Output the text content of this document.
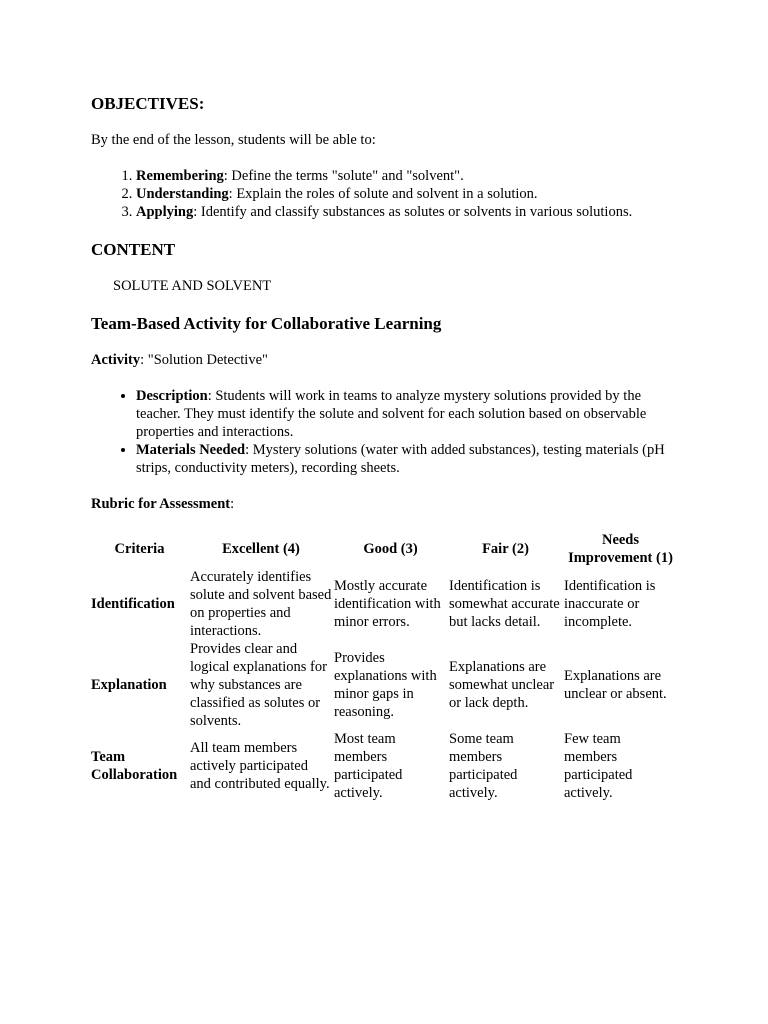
OBJECTIVES:

By the end of the lesson, students will be able to:

1. Remembering: Define the terms "solute" and "solvent".
2. Understanding: Explain the roles of solute and solvent in a solution.
3. Applying: Identify and classify substances as solutes or solvents in various solutions.
CONTENT

SOLUTE AND SOLVENT

Team-Based Activity for Collaborative Learning

Activity: "Solution Detective"

• Description: Students will work in teams to analyze mystery solutions provided by the teacher. They must identify the solute and solvent for each solution based on observable properties and interactions.
• Materials Needed: Mystery solutions (water with added substances), testing materials (pH strips, conductivity meters), recording sheets.

Rubric for Assessment:

Criteria	Excellent (4)	Good (3)	Fair (2)	Needs Improvement (1)
Identification	Accurately identifies solute and solvent based on properties and interactions.	Mostly accurate identification with minor errors.	Identification is somewhat accurate but lacks detail.	Identification is inaccurate or incomplete.
Explanation	Provides clear and logical explanations for why substances are classified as solutes or solvents.	Provides explanations with minor gaps in reasoning.	Explanations are somewhat unclear or lack depth.	Explanations are unclear or absent.
Team Collaboration	All team members actively participated and contributed equally.	Most team members participated actively.	Some team members participated actively.	Few team members participated actively.
